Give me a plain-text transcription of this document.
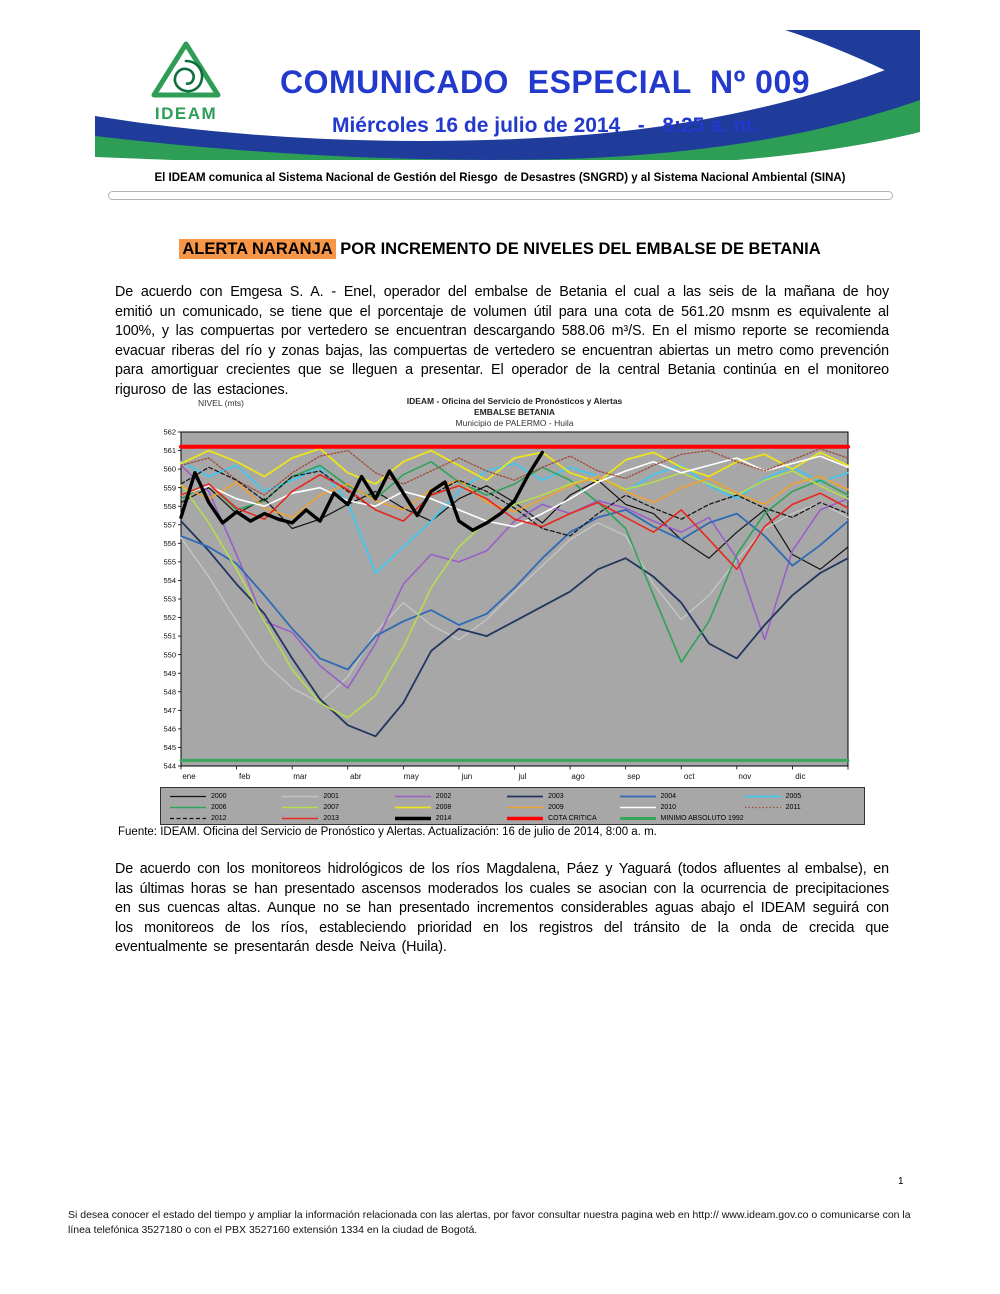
IDEAM
COMUNICADO  ESPECIAL  Nº 009
Miércoles 16 de julio de 2014   -   8:25 a. m.
El IDEAM comunica al Sistema Nacional de Gestión del Riesgo  de Desastres (SNGRD) y al Sistema Nacional Ambiental (SINA)
ALERTA NARANJA POR INCREMENTO DE NIVELES DEL EMBALSE DE BETANIA
De acuerdo con Emgesa S. A. - Enel, operador del embalse de Betania el cual a las seis de la mañana de hoy emitió un comunicado, se tiene que el porcentaje de volumen útil para una cota de 561.20 msnm es equivalente al 100%, y las compuertas por vertedero se encuentran descargando 588.06 m³/S. En el mismo reporte se recomienda evacuar riberas del río y zonas bajas, las compuertas de vertedero se encuentran abiertas un metro como prevención para amortiguar crecientes que se lleguen a presentar. El operador de la central Betania continúa en el monitoreo riguroso de las estaciones.
NIVEL (mts)	IDEAM - Oficina del Servicio de Pronósticos y Alertas
EMBALSE BETANIA
Municipio de PALERMO - Huila
544
545
546
547
548
549
550
551
552
553
554
555
556
557
558
559
560
561
562
ene	feb	mar	abr	may	jun	jul	ago	sep	oct	nov	dic
2000	2001	2002	2003	2004	2005
2006	2007	2008	2009	2010	2011
2012	2013	2014	COTA CRITICA	MINIMO ABSOLUTO 1992
Fuente: IDEAM. Oficina del Servicio de Pronóstico y Alertas. Actualización: 16 de julio de 2014, 8:00 a. m.
De acuerdo con los monitoreos hidrológicos de los ríos Magdalena, Páez y Yaguará (todos afluentes al embalse), en las últimas horas se han presentado ascensos moderados los cuales se asocian con la ocurrencia de precipitaciones en sus cuencas altas. Aunque no se han presentado incrementos considerables aguas abajo el IDEAM seguirá con los monitoreos de los ríos, estableciendo prioridad en los registros del tránsito de la onda de crecida que eventualmente se presentarán desde Neiva (Huila).
1
Si desea conocer el estado del tiempo y ampliar la información relacionada con las alertas, por favor consultar nuestra pagina web en http:// www.ideam.gov.co o comunicarse con la línea telefónica 3527180 o con el PBX 3527160 extensión 1334 en la ciudad de Bogotá.
